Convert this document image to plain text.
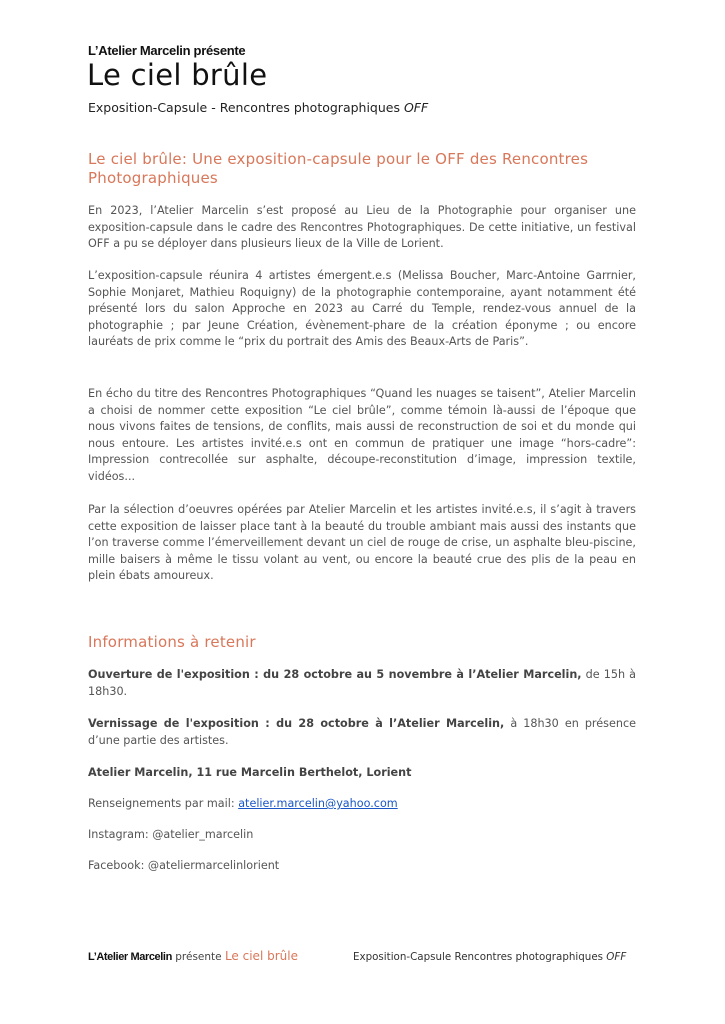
L’Atelier Marcelin présente
Le ciel brûle
Exposition-Capsule - Rencontres photographiques OFF
Le ciel brûle: Une exposition-capsule pour le OFF des Rencontres Photographiques

En 2023, l’Atelier Marcelin s’est proposé au Lieu de la Photographie pour organiser une exposition-capsule dans le cadre des Rencontres Photographiques. De cette initiative, un festival OFF a pu se déployer dans plusieurs lieux de la Ville de Lorient.

L’exposition-capsule réunira 4 artistes émergent.e.s (Melissa Boucher, Marc-Antoine Garrnier, Sophie Monjaret, Mathieu Roquigny) de la photographie contemporaine, ayant notamment été présenté lors du salon Approche en 2023 au Carré du Temple, rendez-vous annuel de la photographie ; par Jeune Création, évènement-phare de la création éponyme ; ou encore lauréats de prix comme le “prix du portrait des Amis des Beaux-Arts de Paris”.

En écho du titre des Rencontres Photographiques “Quand les nuages se taisent”, Atelier Marcelin a choisi de nommer cette exposition “Le ciel brûle”, comme témoin là-aussi de l’époque que nous vivons faites de tensions, de conflits, mais aussi de reconstruction de soi et du monde qui nous entoure. Les artistes invité.e.s ont en commun de pratiquer une image “hors-cadre”: Impression contrecollée sur asphalte, découpe-reconstitution d’image, impression textile, vidéos...

Par la sélection d’oeuvres opérées par Atelier Marcelin et les artistes invité.e.s, il s’agit à travers cette exposition de laisser place tant à la beauté du trouble ambiant mais aussi des instants que l’on traverse comme l’émerveillement devant un ciel de rouge de crise, un asphalte bleu-piscine, mille baisers à même le tissu volant au vent, ou encore la beauté crue des plis de la peau en plein ébats amoureux.

Informations à retenir

Ouverture de l'exposition : du 28 octobre au 5 novembre à l’Atelier Marcelin, de 15h à 18h30.

Vernissage de l'exposition : du 28 octobre à l’Atelier Marcelin, à 18h30 en présence d’une partie des artistes.

Atelier Marcelin, 11 rue Marcelin Berthelot, Lorient

Renseignements par mail: atelier.marcelin@yahoo.com

Instagram: @atelier_marcelin

Facebook: @ateliermarcelinlorient

L’Atelier Marcelin présente Le ciel brûle	Exposition-Capsule Rencontres photographiques OFF
